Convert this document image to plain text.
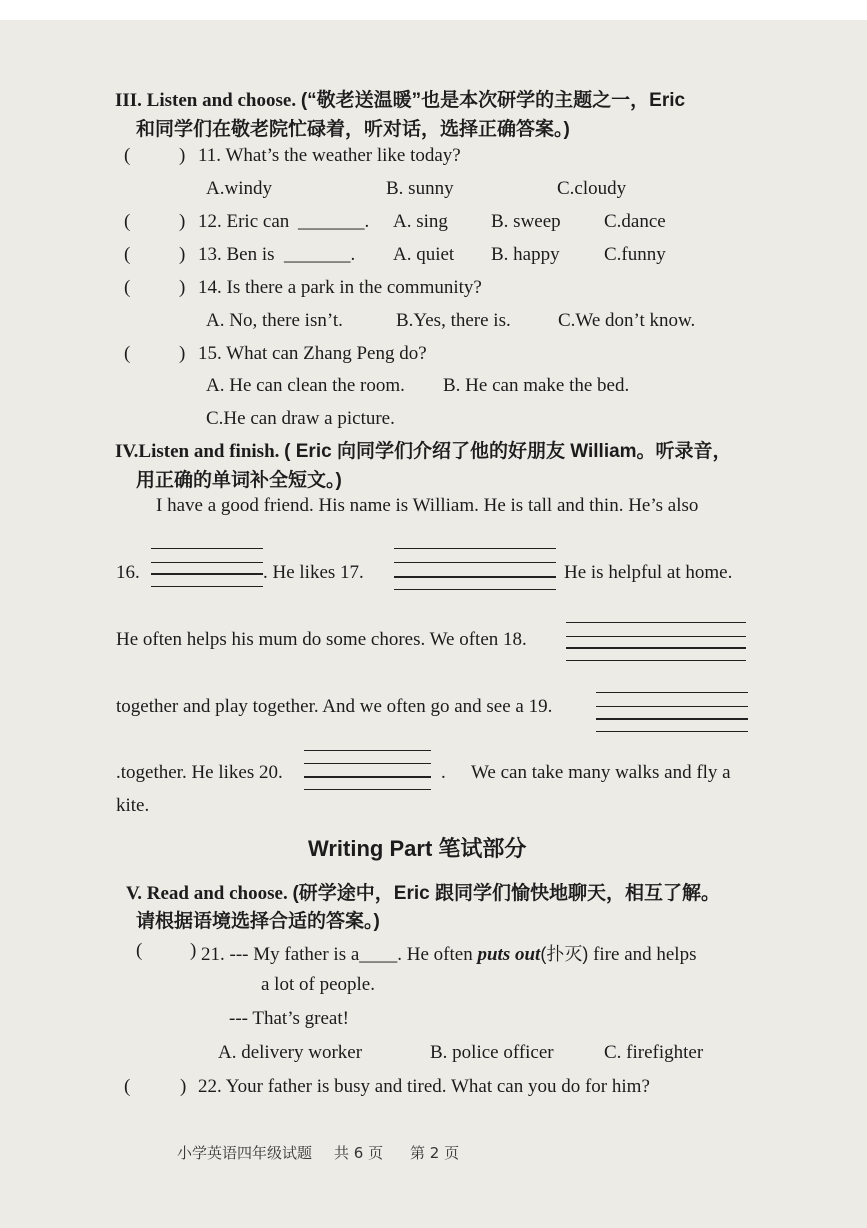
III. Listen and choose. (“敬老送温暖”也是本次研学的主题之一，Eric
和同学们在敬老院忙碌着，听对话，选择正确答案。)
(	) 11. What’s the weather like today?
A.windy	B. sunny	C.cloudy
(	) 12. Eric can _______. A. sing B. sweep C.dance
(	) 13. Ben is _______. A. quiet B. happy C.funny
(	) 14. Is there a park in the community?
A. No, there isn’t.	B.Yes, there is. C.We don’t know.
(	) 15. What can Zhang Peng do?
A. He can clean the room. B. He can make the bed.
C.He can draw a picture.
IV.Listen and finish. ( Eric 向同学们介绍了他的好朋友 William。听录音，
用正确的单词补全短文。)
I have a good friend. His name is William. He is tall and thin. He’s also
16.	. He likes 17.	He is helpful at home.
He often helps his mum do some chores. We often 18.
together and play together. And we often go and see a 19.
.together. He likes 20.	. We can take many walks and fly a
kite.
Writing Part 笔试部分
V. Read and choose. (研学途中，Eric 跟同学们愉快地聊天，相互了解。
请根据语境选择合适的答案。)
(	) 21. --- My father is a____. He often puts out(扑灭) fire and helps
a lot of people.
--- That’s great!
A. delivery worker	B. police officer	C. firefighter
(	) 22. Your father is busy and tired. What can you do for him?
小学英语四年级试题 共 6 页 第 2 页
